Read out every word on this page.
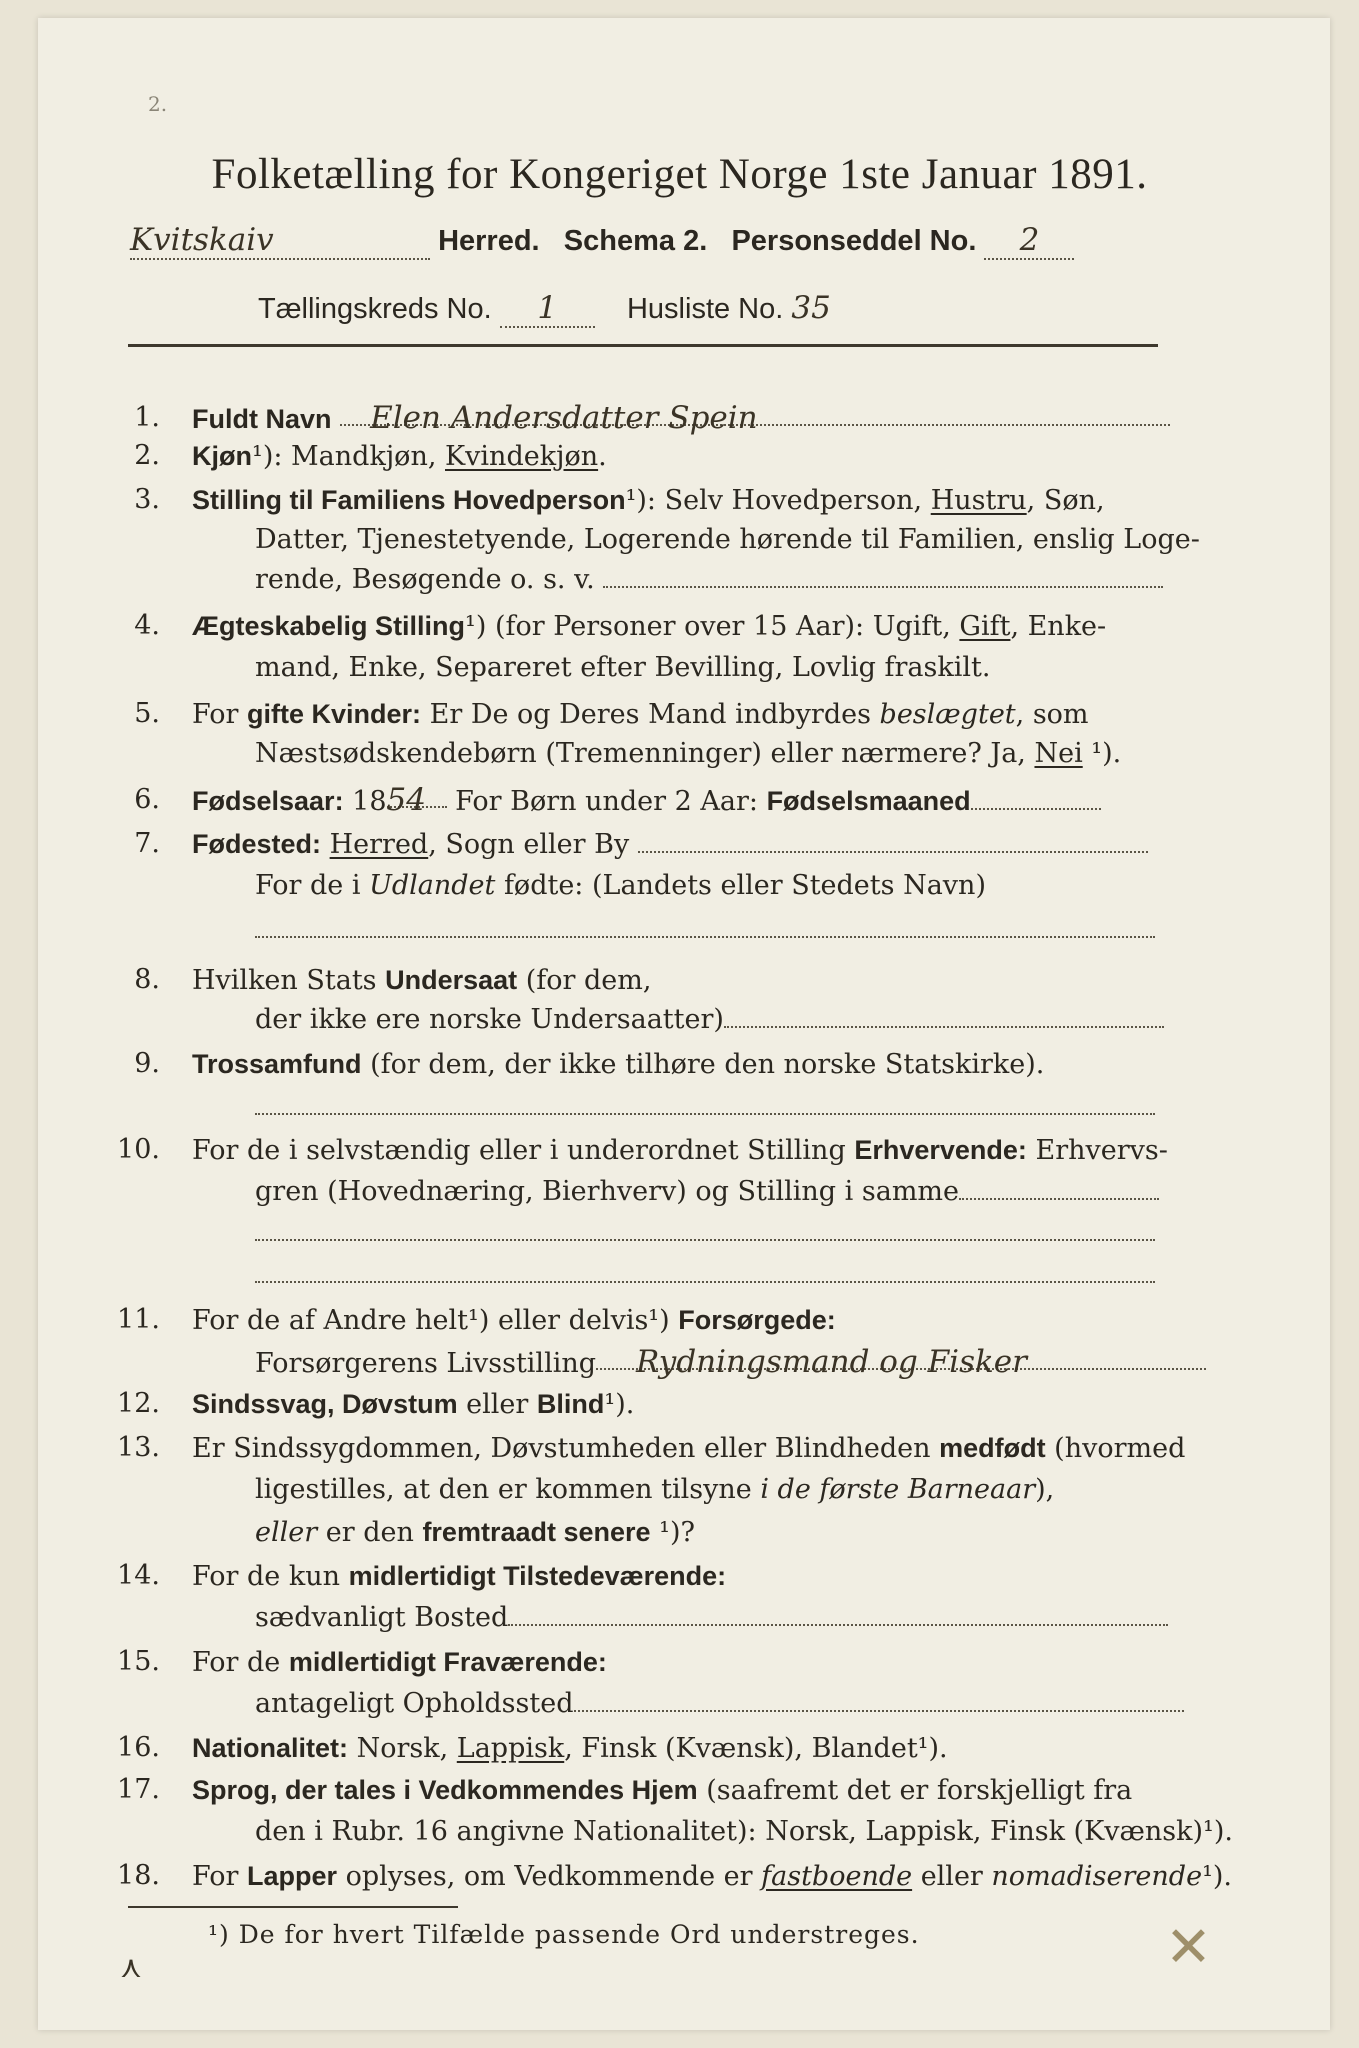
2.
Folketælling for Kongeriget Norge 1ste Januar 1891.
Kvitskaiv	Herred. Schema 2. Personseddel No. 2
Tællingskreds No. 1 Husliste No. 35
1. Fuldt Navn Elen Andersdatter Spein
2. Kjøn¹): Mandkjøn, Kvindekjøn.
3. Stilling til Familiens Hovedperson¹): Selv Hovedperson, Hustru, Søn,
Datter, Tjenestetyende, Logerende hørende til Familien, enslig Loge-
rende, Besøgende o. s. v.
4. Ægteskabelig Stilling¹) (for Personer over 15 Aar): Ugift, Gift, Enke-
mand, Enke, Separeret efter Bevilling, Lovlig fraskilt.
5. For gifte Kvinder: Er De og Deres Mand indbyrdes beslægtet, som
Næstsødskendebørn (Tremenninger) eller nærmere? Ja, Nei ¹).
6. Fødselsaar: 1854 For Børn under 2 Aar: Fødselsmaaned
7. Fødested: Herred, Sogn eller By
For de i Udlandet fødte: (Landets eller Stedets Navn)
8. Hvilken Stats Undersaat (for dem,
der ikke ere norske Undersaatter)
9. Trossamfund (for dem, der ikke tilhøre den norske Statskirke).
10. For de i selvstændig eller i underordnet Stilling Erhvervende: Erhvervs-
gren (Hovednæring, Bierhverv) og Stilling i samme
11. For de af Andre helt¹) eller delvis¹) Forsørgede:
Forsørgerens Livsstilling Rydningsmand og Fisker
12. Sindssvag, Døvstum eller Blind¹).
13. Er Sindssygdommen, Døvstumheden eller Blindheden medfødt (hvormed
ligestilles, at den er kommen tilsyne i de første Barneaar),
eller er den fremtraadt senere ¹)?
14. For de kun midlertidigt Tilstedeværende:
sædvanligt Bosted
15. For de midlertidigt Fraværende:
antageligt Opholdssted
16. Nationalitet: Norsk, Lappisk, Finsk (Kvænsk), Blandet¹).
17. Sprog, der tales i Vedkommendes Hjem (saafremt det er forskjelligt fra
den i Rubr. 16 angivne Nationalitet): Norsk, Lappisk, Finsk (Kvænsk)¹).
18. For Lapper oplyses, om Vedkommende er fastboende eller nomadiserende¹).
¹) De for hvert Tilfælde passende Ord understreges.	✕
⋏
